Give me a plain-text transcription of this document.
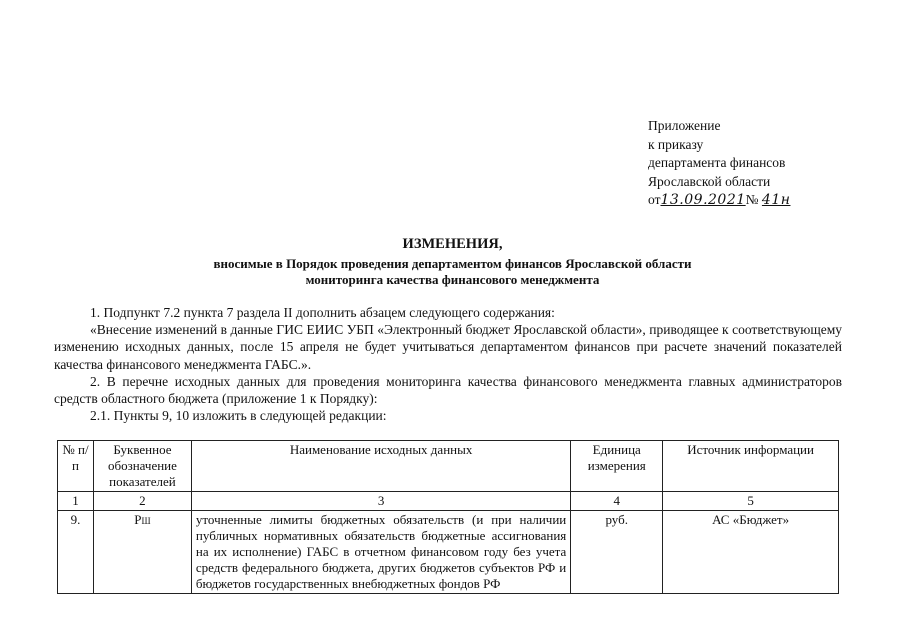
Приложение
к приказу
департамента финансов
Ярославской области
от13.09.2021№ 41н
ИЗМЕНЕНИЯ,
вносимые в Порядок проведения департаментом финансов Ярославской области
мониторинга качества финансового менеджмента

1. Подпункт 7.2 пункта 7 раздела II дополнить абзацем следующего содержания:

«Внесение изменений в данные ГИС ЕИИС УБП «Электронный бюджет Ярославской области», приводящее к соответствующему изменению исходных данных, после 15 апреля не будет учитываться департаментом финансов при расчете значений показателей качества финансового менеджмента ГАБС.».

2. В перечне исходных данных для проведения мониторинга качества финансового менеджмента главных администраторов средств областного бюджета (приложение 1 к Порядку):

2.1. Пункты 9, 10 изложить в следующей редакции:

№ п/п	Буквенное обозначение показателей	Наименование исходных данных	Единица измерения	Источник информации
1	2	3	4	5
9.	PШ	уточненные лимиты бюджетных обязательств (и при наличии публичных нормативных обязательств бюджетные ассигнования на их исполнение) ГАБС в отчетном финансовом году без учета средств федерального бюджета, других бюджетов субъектов РФ и бюджетов государственных внебюджетных фондов РФ	руб.	АС «Бюджет»
